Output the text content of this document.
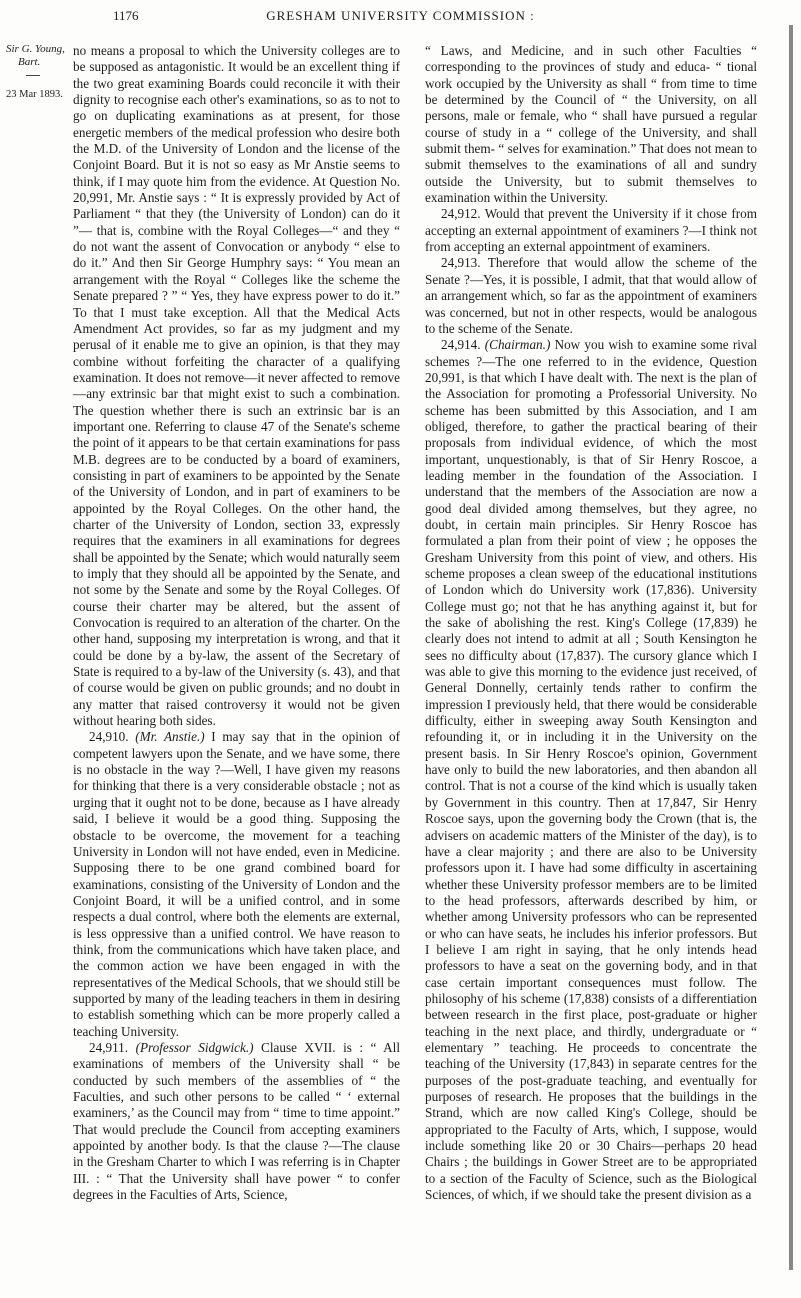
1176	GRESHAM UNIVERSITY COMMISSION :
Sir G. Young,
Bart.
23 Mar 1893.

no means a proposal to which the University colleges are to be supposed as antagonistic. It would be an excellent thing if the two great examining Boards could reconcile it with their dignity to recognise each other's examinations, so as to not to go on duplicating examinations as at present, for those energetic members of the medical profession who desire both the M.D. of the University of London and the license of the Conjoint Board. But it is not so easy as Mr Anstie seems to think, if I may quote him from the evidence. At Question No. 20,991, Mr. Anstie says : “ It is expressly provided by Act of Parliament “ that they (the University of London) can do it ”— that is, combine with the Royal Colleges—“ and they “ do not want the assent of Convocation or anybody “ else to do it.” And then Sir George Humphry says: “ You mean an arrangement with the Royal “ Colleges like the scheme the Senate prepared ? ” “ Yes, they have express power to do it.” To that I must take exception. All that the Medical Acts Amendment Act provides, so far as my judgment and my perusal of it enable me to give an opinion, is that they may combine without forfeiting the character of a qualifying examination. It does not remove—it never affected to remove—any extrinsic bar that might exist to such a combination. The question whether there is such an extrinsic bar is an important one. Referring to clause 47 of the Senate's scheme the point of it appears to be that certain examinations for pass M.B. degrees are to be conducted by a board of examiners, consisting in part of examiners to be appointed by the Senate of the University of London, and in part of examiners to be appointed by the Royal Colleges. On the other hand, the charter of the University of London, section 33, expressly requires that the examiners in all examinations for degrees shall be appointed by the Senate; which would naturally seem to imply that they should all be appointed by the Senate, and not some by the Senate and some by the Royal Colleges. Of course their charter may be altered, but the assent of Convocation is required to an alteration of the charter. On the other hand, supposing my interpretation is wrong, and that it could be done by a by-law, the assent of the Secretary of State is required to a by-law of the University (s. 43), and that of course would be given on public grounds; and no doubt in any matter that raised controversy it would not be given without hearing both sides.

24,910. (Mr. Anstie.) I may say that in the opinion of competent lawyers upon the Senate, and we have some, there is no obstacle in the way ?—Well, I have given my reasons for thinking that there is a very considerable obstacle ; not as urging that it ought not to be done, because as I have already said, I believe it would be a good thing. Supposing the obstacle to be overcome, the movement for a teaching University in London will not have ended, even in Medicine. Supposing there to be one grand combined board for examinations, consisting of the University of London and the Conjoint Board, it will be a unified control, and in some respects a dual control, where both the elements are external, is less oppressive than a unified control. We have reason to think, from the communications which have taken place, and the common action we have been engaged in with the representatives of the Medical Schools, that we should still be supported by many of the leading teachers in them in desiring to establish something which can be more properly called a teaching University.

24,911. (Professor Sidgwick.) Clause XVII. is : “ All examinations of members of the University shall “ be conducted by such members of the assemblies of “ the Faculties, and such other persons to be called “ ‘ external examiners,’ as the Council may from “ time to time appoint.” That would preclude the Council from accepting examiners appointed by another body. Is that the clause ?—The clause in the Gresham Charter to which I was referring is in Chapter III. : “ That the University shall have power “ to confer degrees in the Faculties of Arts, Science,

“ Laws, and Medicine, and in such other Faculties “ corresponding to the provinces of study and educa- “ tional work occupied by the University as shall “ from time to time be determined by the Council of “ the University, on all persons, male or female, who “ shall have pursued a regular course of study in a “ college of the University, and shall submit them- “ selves for examination.” That does not mean to submit themselves to the examinations of all and sundry outside the University, but to submit themselves to examination within the University.

24,912. Would that prevent the University if it chose from accepting an external appointment of examiners ?—I think not from accepting an external appointment of examiners.

24,913. Therefore that would allow the scheme of the Senate ?—Yes, it is possible, I admit, that that would allow of an arrangement which, so far as the appointment of examiners was concerned, but not in other respects, would be analogous to the scheme of the Senate.

24,914. (Chairman.) Now you wish to examine some rival schemes ?—The one referred to in the evidence, Question 20,991, is that which I have dealt with. The next is the plan of the Association for promoting a Professorial University. No scheme has been submitted by this Association, and I am obliged, therefore, to gather the practical bearing of their proposals from individual evidence, of which the most important, unquestionably, is that of Sir Henry Roscoe, a leading member in the foundation of the Association. I understand that the members of the Association are now a good deal divided among themselves, but they agree, no doubt, in certain main principles. Sir Henry Roscoe has formulated a plan from their point of view ; he opposes the Gresham University from this point of view, and others. His scheme proposes a clean sweep of the educational institutions of London which do University work (17,836). University College must go; not that he has anything against it, but for the sake of abolishing the rest. King's College (17,839) he clearly does not intend to admit at all ; South Kensington he sees no difficulty about (17,837). The cursory glance which I was able to give this morning to the evidence just received, of General Donnelly, certainly tends rather to confirm the impression I previously held, that there would be considerable difficulty, either in sweeping away South Kensington and refounding it, or in including it in the University on the present basis. In Sir Henry Roscoe's opinion, Government have only to build the new laboratories, and then abandon all control. That is not a course of the kind which is usually taken by Government in this country. Then at 17,847, Sir Henry Roscoe says, upon the governing body the Crown (that is, the advisers on academic matters of the Minister of the day), is to have a clear majority ; and there are also to be University professors upon it. I have had some difficulty in ascertaining whether these University professor members are to be limited to the head professors, afterwards described by him, or whether among University professors who can be represented or who can have seats, he includes his inferior professors. But I believe I am right in saying, that he only intends head professors to have a seat on the governing body, and in that case certain important consequences must follow. The philosophy of his scheme (17,838) consists of a differentiation between research in the first place, post-graduate or higher teaching in the next place, and thirdly, undergraduate or “ elementary ” teaching. He proceeds to concentrate the teaching of the University (17,843) in separate centres for the purposes of the post-graduate teaching, and eventually for purposes of research. He proposes that the buildings in the Strand, which are now called King's College, should be appropriated to the Faculty of Arts, which, I suppose, would include something like 20 or 30 Chairs—perhaps 20 head Chairs ; the buildings in Gower Street are to be appropriated to a section of the Faculty of Science, such as the Biological Sciences, of which, if we should take the present division as a
